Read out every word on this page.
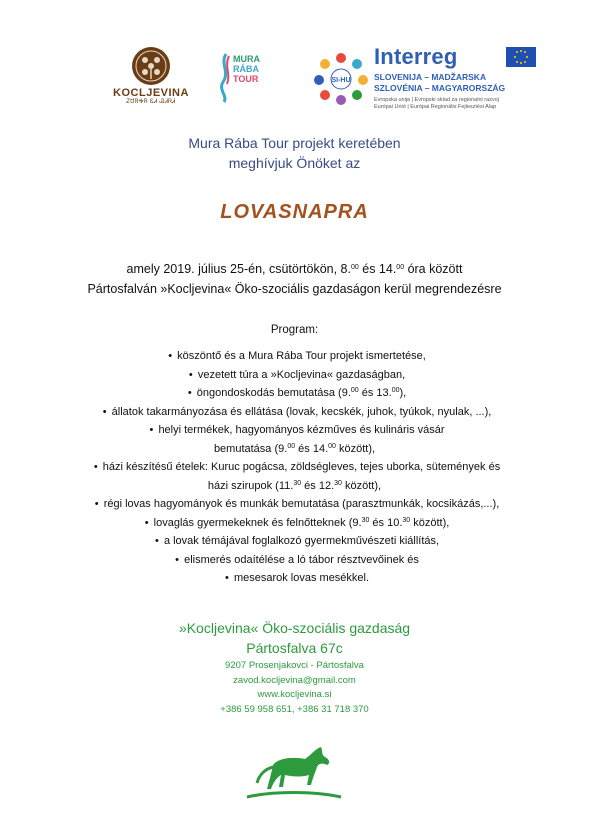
KOCLJEVINA
ᏃᏌᏒᎭᏒ ᏋᏗ ᏊᏗᏒᏗ
MURA
RÁBA
TOUR	SI-HU
Interreg
SLOVENIJA – MADŽARSKA
SZLOVÉNIA – MAGYARORSZÁG
Evropska unija | Evropski sklad za regionalni razvoj
Európai Unió | Európai Regionális Fejlesztési Alap
Mura Rába Tour projekt keretében
meghívjuk Önöket az
LOVASNAPRA
amely 2019. július 25-én, csütörtökön, 8.00 és 14.00 óra között
Pártosfalván »Kocljevina« Öko-szociális gazdaságon kerül megrendezésre
Program:
• köszöntő és a Mura Rába Tour projekt ismertetése,
• vezetett túra a »Kocljevina« gazdaságban,
• öngondoskodás bemutatása (9.00 és 13.00),
• állatok takarmányozása és ellátása (lovak, kecskék, juhok, tyúkok, nyulak, ...),
• helyi termékek, hagyományos kézműves és kulináris vásár
bemutatása (9.00 és 14.00 között),
• házi készítésű ételek: Kuruc pogácsa, zöldségleves, tejes uborka, sütemények és
házi szirupok (11.30 és 12.30 között),
• régi lovas hagyományok és munkák bemutatása (parasztmunkák, kocsikázás,...),
• lovaglás gyermekeknek és felnőtteknek (9.30 és 10.30 között),
• a lovak témájával foglalkozó gyermekművészeti kiállítás,
• elismerés odaítélése a ló tábor résztvevőinek és
• mesesarok lovas mesékkel.
»Kocljevina« Öko-szociális gazdaság
Pártosfalva 67c
9207 Prosenjakovci - Pártosfalva
zavod.kocljevina@gmail.com
www.kocljevina.si
+386 59 958 651, +386 31 718 370
